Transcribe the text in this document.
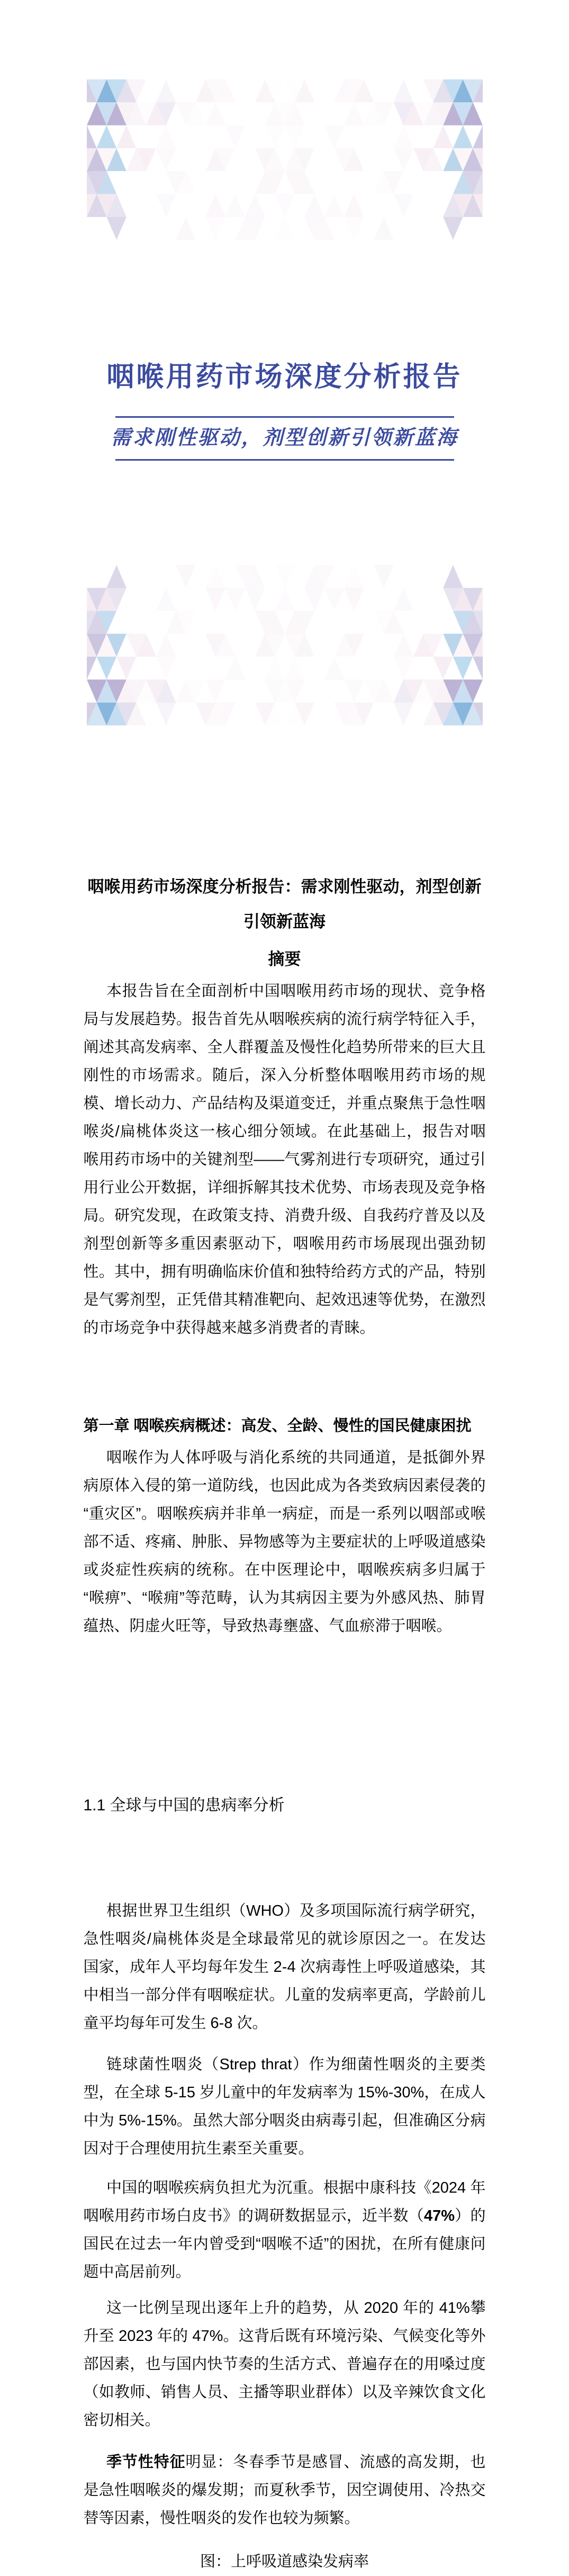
咽喉用药市场深度分析报告
需求刚性驱动，剂型创新引领新蓝海
咽喉用药市场深度分析报告：需求刚性驱动，剂型创新引领新蓝海
摘要

本报告旨在全面剖析中国咽喉用药市场的现状、竞争格局与发展趋势。报告首先从咽喉疾病的流行病学特征入手，阐述其高发病率、全人群覆盖及慢性化趋势所带来的巨大且刚性的市场需求。随后，深入分析整体咽喉用药市场的规模、增长动力、产品结构及渠道变迁，并重点聚焦于急性咽喉炎/扁桃体炎这一核心细分领域。在此基础上，报告对咽喉用药市场中的关键剂型——气雾剂进行专项研究，通过引用行业公开数据，详细拆解其技术优势、市场表现及竞争格局。研究发现，在政策支持、消费升级、自我药疗普及以及剂型创新等多重因素驱动下，咽喉用药市场展现出强劲韧性。其中，拥有明确临床价值和独特给药方式的产品，特别是气雾剂型，正凭借其精准靶向、起效迅速等优势，在激烈的市场竞争中获得越来越多消费者的青睐。

第一章 咽喉疾病概述：高发、全龄、慢性的国民健康困扰

咽喉作为人体呼吸与消化系统的共同通道，是抵御外界病原体入侵的第一道防线，也因此成为各类致病因素侵袭的“重灾区”。咽喉疾病并非单一病症，而是一系列以咽部或喉部不适、疼痛、肿胀、异物感等为主要症状的上呼吸道感染或炎症性疾病的统称。在中医理论中，咽喉疾病多归属于“喉痹”、“喉痈”等范畴，认为其病因主要为外感风热、肺胃蕴热、阴虚火旺等，导致热毒壅盛、气血瘀滞于咽喉。

1.1 全球与中国的患病率分析

根据世界卫生组织（WHO）及多项国际流行病学研究，急性咽炎/扁桃体炎是全球最常见的就诊原因之一。在发达国家，成年人平均每年发生 2-4 次病毒性上呼吸道感染，其中相当一部分伴有咽喉症状。儿童的发病率更高，学龄前儿童平均每年可发生 6-8 次。

链球菌性咽炎（Strep thrat）作为细菌性咽炎的主要类型，在全球 5-15 岁儿童中的年发病率为 15%-30%，在成人中为 5%-15%。虽然大部分咽炎由病毒引起，但准确区分病因对于合理使用抗生素至关重要。

中国的咽喉疾病负担尤为沉重。根据中康科技《2024 年咽喉用药市场白皮书》的调研数据显示，近半数（47%）的国民在过去一年内曾受到“咽喉不适”的困扰，在所有健康问题中高居前列。

这一比例呈现出逐年上升的趋势，从 2020 年的 41%攀升至 2023 年的 47%。这背后既有环境污染、气候变化等外部因素，也与国内快节奏的生活方式、普遍存在的用嗓过度（如教师、销售人员、主播等职业群体）以及辛辣饮食文化密切相关。

季节性特征明显：冬春季节是感冒、流感的高发期，也是急性咽喉炎的爆发期；而夏秋季节，因空调使用、冷热交替等因素，慢性咽炎的发作也较为频繁。

图：上呼吸道感染发病率
